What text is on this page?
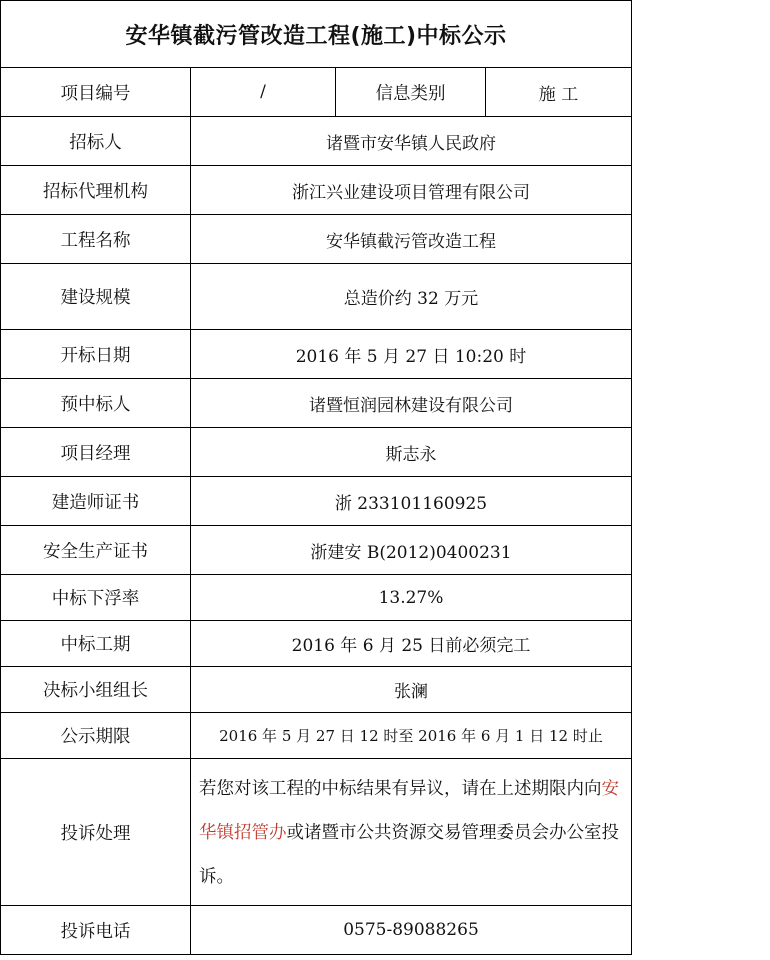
安华镇截污管改造工程(施工)中标公示			
项目编号	/	信息类别	施 工
招标人	诸暨市安华镇人民政府		
招标代理机构	浙江兴业建设项目管理有限公司		
工程名称	安华镇截污管改造工程		
建设规模	总造价约 32 万元		
开标日期	2016 年 5 月 27 日 10:20 时		
预中标人	诸暨恒润园林建设有限公司		
项目经理	斯志永		
建造师证书	浙 233101160925		
安全生产证书	浙建安 B(2012)0400231		
中标下浮率	13.27%		
中标工期	2016 年 6 月 25 日前必须完工		
决标小组组长	张澜		
公示期限	2016 年 5 月 27 日 12 时至 2016 年 6 月 1 日 12 时止		
投诉处理	若您对该工程的中标结果有异议，请在上述期限内向安华镇招管办或诸暨市公共资源交易管理委员会办公室投诉。		
投诉电话	0575-89088265		
